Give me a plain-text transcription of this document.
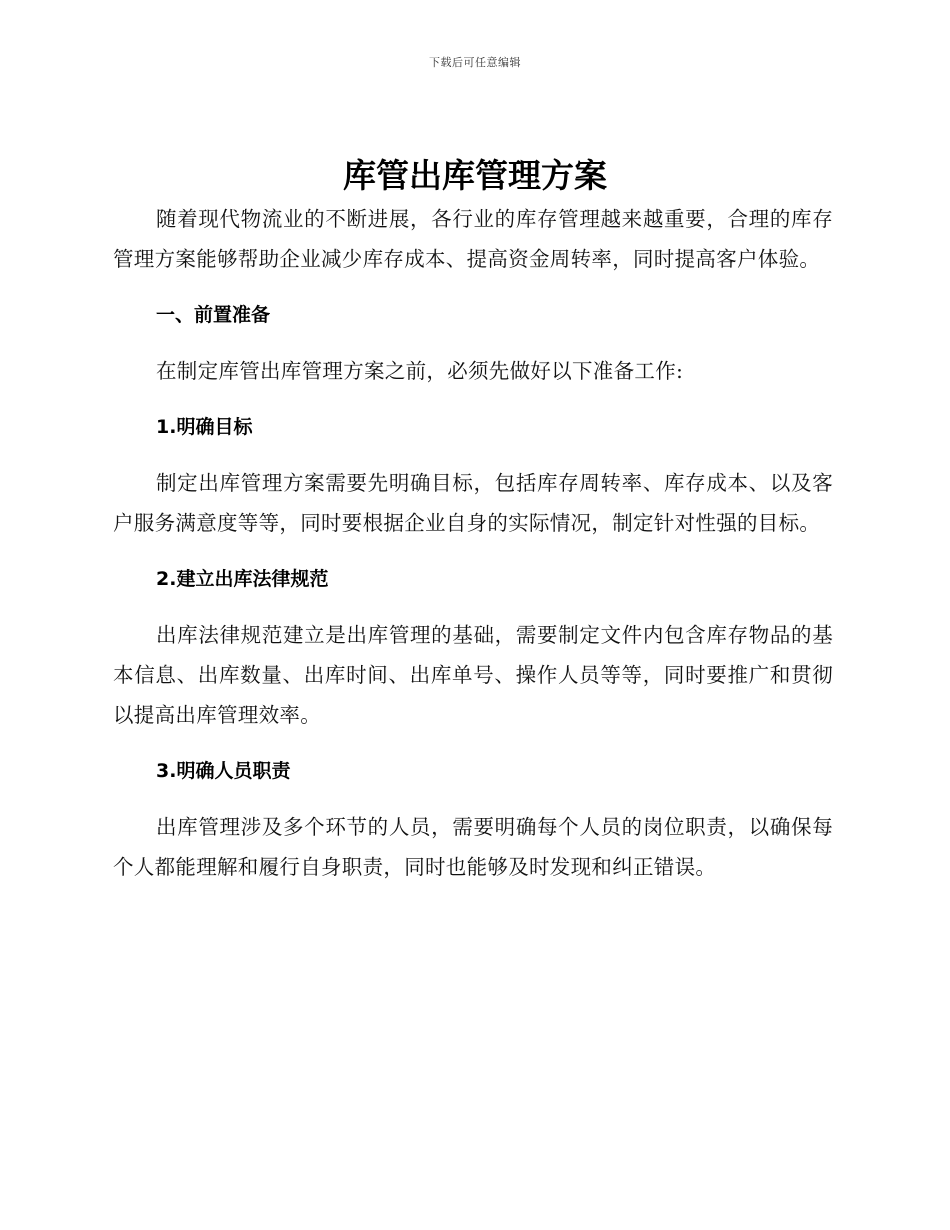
下载后可任意编辑
库管出库管理方案

随着现代物流业的不断进展，各行业的库存管理越来越重要，合理的库存管理方案能够帮助企业减少库存成本、提高资金周转率，同时提高客户体验。

一、前置准备

在制定库管出库管理方案之前，必须先做好以下准备工作:

1.明确目标

制定出库管理方案需要先明确目标，包括库存周转率、库存成本、以及客户服务满意度等等，同时要根据企业自身的实际情况，制定针对性强的目标。

2.建立出库法律规范

出库法律规范建立是出库管理的基础，需要制定文件内包含库存物品的基本信息、出库数量、出库时间、出库单号、操作人员等等，同时要推广和贯彻以提高出库管理效率。

3.明确人员职责

出库管理涉及多个环节的人员，需要明确每个人员的岗位职责，以确保每个人都能理解和履行自身职责，同时也能够及时发现和纠正错误。
